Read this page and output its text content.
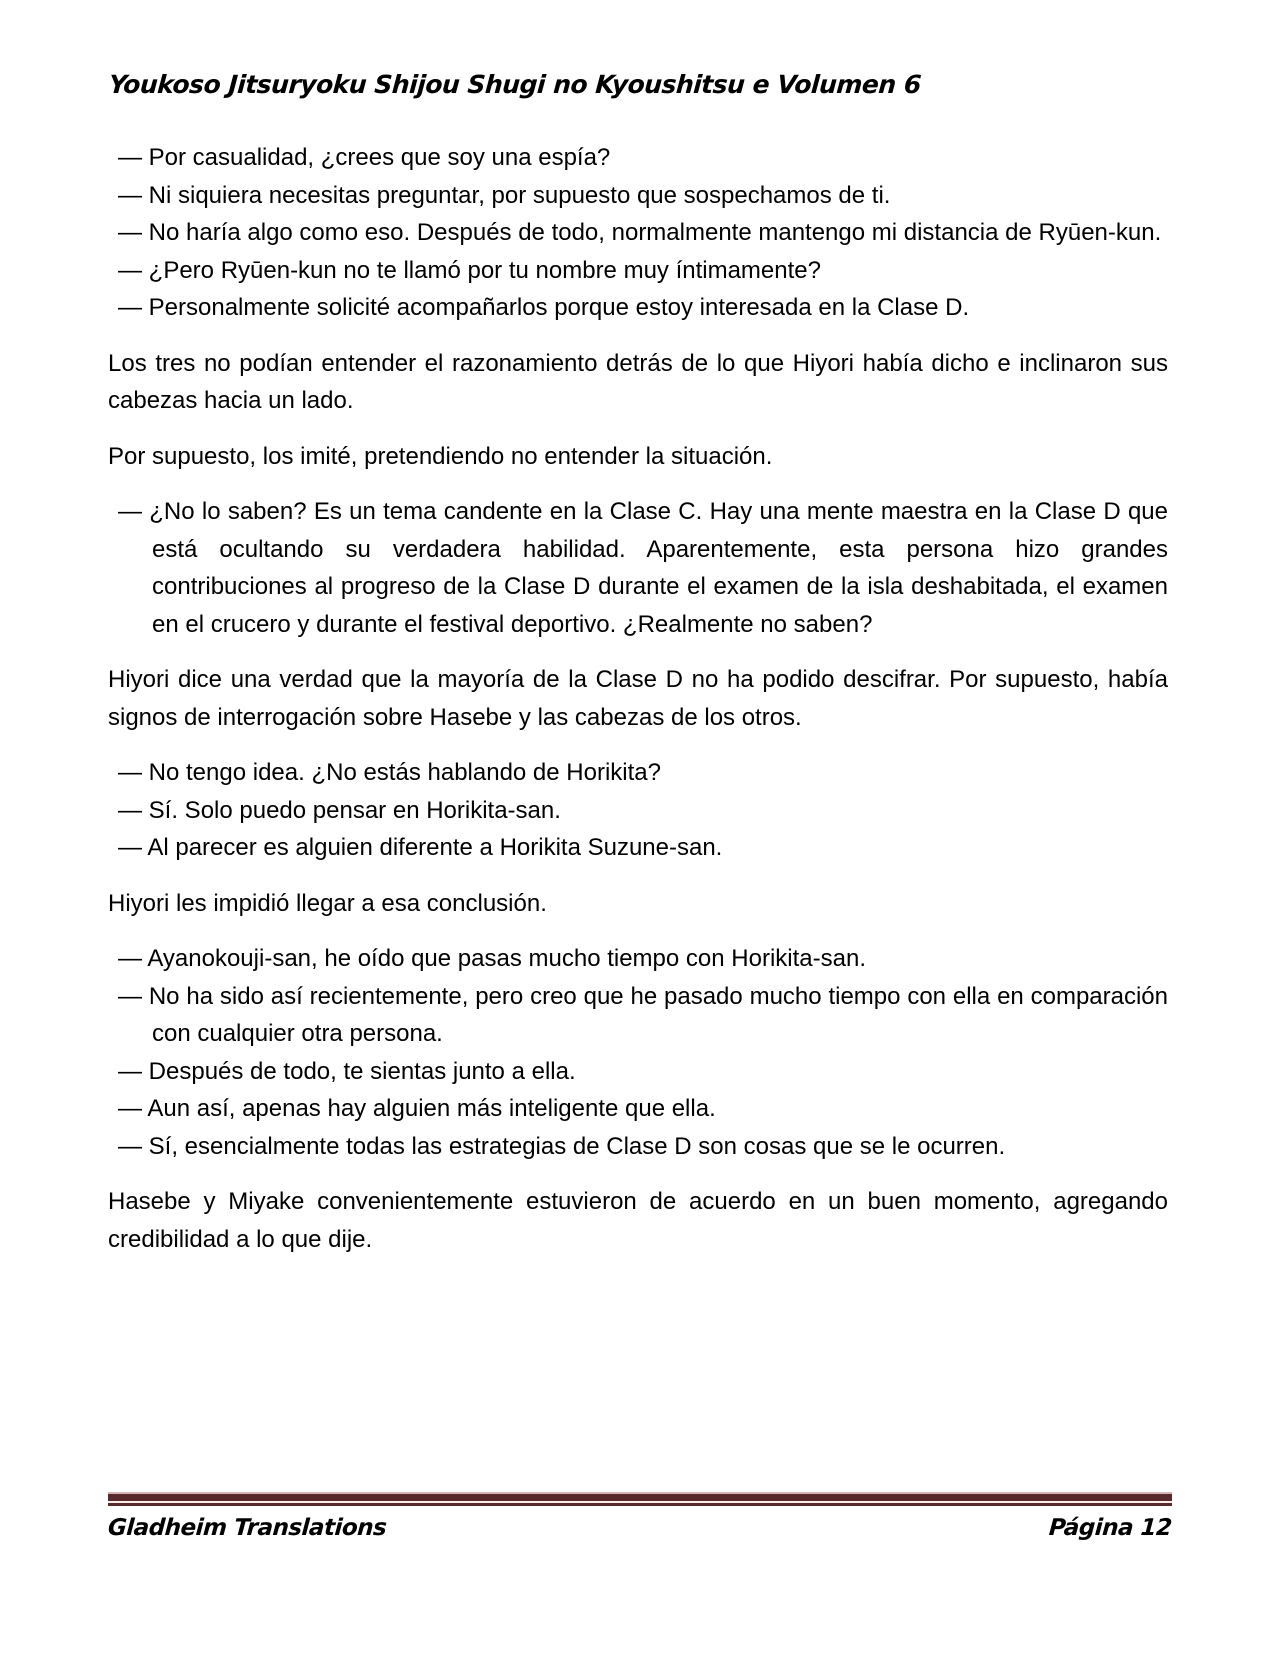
Youkoso Jitsuryoku Shijou Shugi no Kyoushitsu e Volumen 6

— Por casualidad, ¿crees que soy una espía?

— Ni siquiera necesitas preguntar, por supuesto que sospechamos de ti.

— No haría algo como eso. Después de todo, normalmente mantengo mi distancia de Ryūen-kun.

— ¿Pero Ryūen-kun no te llamó por tu nombre muy íntimamente?

— Personalmente solicité acompañarlos porque estoy interesada en la Clase D.

Los tres no podían entender el razonamiento detrás de lo que Hiyori había dicho e inclinaron sus cabezas hacia un lado.

Por supuesto, los imité, pretendiendo no entender la situación.

— ¿No lo saben? Es un tema candente en la Clase C. Hay una mente maestra en la Clase D que está ocultando su verdadera habilidad. Aparentemente, esta persona hizo grandes contribuciones al progreso de la Clase D durante el examen de la isla deshabitada, el examen en el crucero y durante el festival deportivo. ¿Realmente no saben?

Hiyori dice una verdad que la mayoría de la Clase D no ha podido descifrar. Por supuesto, había signos de interrogación sobre Hasebe y las cabezas de los otros.

— No tengo idea. ¿No estás hablando de Horikita?

— Sí. Solo puedo pensar en Horikita-san.

— Al parecer es alguien diferente a Horikita Suzune-san.

Hiyori les impidió llegar a esa conclusión.

— Ayanokouji-san, he oído que pasas mucho tiempo con Horikita-san.

— No ha sido así recientemente, pero creo que he pasado mucho tiempo con ella en comparación con cualquier otra persona.

— Después de todo, te sientas junto a ella.

— Aun así, apenas hay alguien más inteligente que ella.

— Sí, esencialmente todas las estrategias de Clase D son cosas que se le ocurren.

Hasebe y Miyake convenientemente estuvieron de acuerdo en un buen momento, agregando credibilidad a lo que dije.

Gladheim Translations	Página 12
